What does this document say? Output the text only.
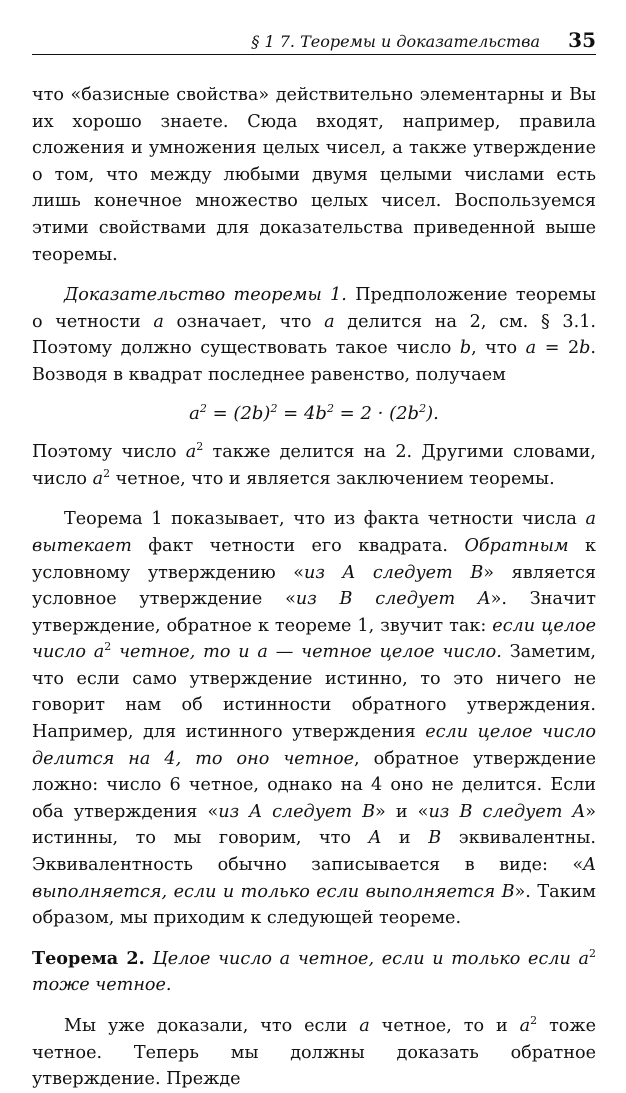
§ 1 7. Теоремы и доказательства 35

что «базисные свойства» действительно элементарны и Вы их хорошо знаете. Сюда входят, например, правила сложения и умножения целых чисел, а также утверждение о том, что между любыми двумя целыми числами есть лишь конечное множество целых чисел. Воспользуемся этими свойствами для доказательства приведенной выше теоремы.

Доказательство теоремы 1. Предположение теоремы о четности a означает, что a делится на 2, см. § 3.1. Поэтому должно существовать такое число b, что a = 2b. Возводя в квадрат последнее равенство, получаем

$a^2 = (2b)^2 = 4b^2 = 2 \cdot (2b^2)$.

Поэтому число $a^2$ также делится на 2. Другими словами, число $a^2$ четное, что и является заключением теоремы.

Теорема 1 показывает, что из факта четности числа a вытекает факт четности его квадрата. Обратным к условному утверждению «из A следует B» является условное утверждение «из B следует A». Значит утверждение, обратное к теореме 1, звучит так: если целое число $a^2$ четное, то и a — четное целое число. Заметим, что если само утверждение истинно, то это ничего не говорит нам об истинности обратного утверждения. Например, для истинного утверждения если целое число делится на 4, то оно четное, обратное утверждение ложно: число 6 четное, однако на 4 оно не делится. Если оба утверждения «из A следует B» и «из B следует A» истинны, то мы говорим, что A и B эквивалентны. Эквивалентность обычно записывается в виде: «A выполняется, если и только если выполняется B». Таким образом, мы приходим к следующей теореме.

Теорема 2. Целое число a четное, если и только если $a^2$ тоже четное.

Мы уже доказали, что если a четное, то и $a^2$ тоже четное. Теперь мы должны доказать обратное утверждение. Прежде
